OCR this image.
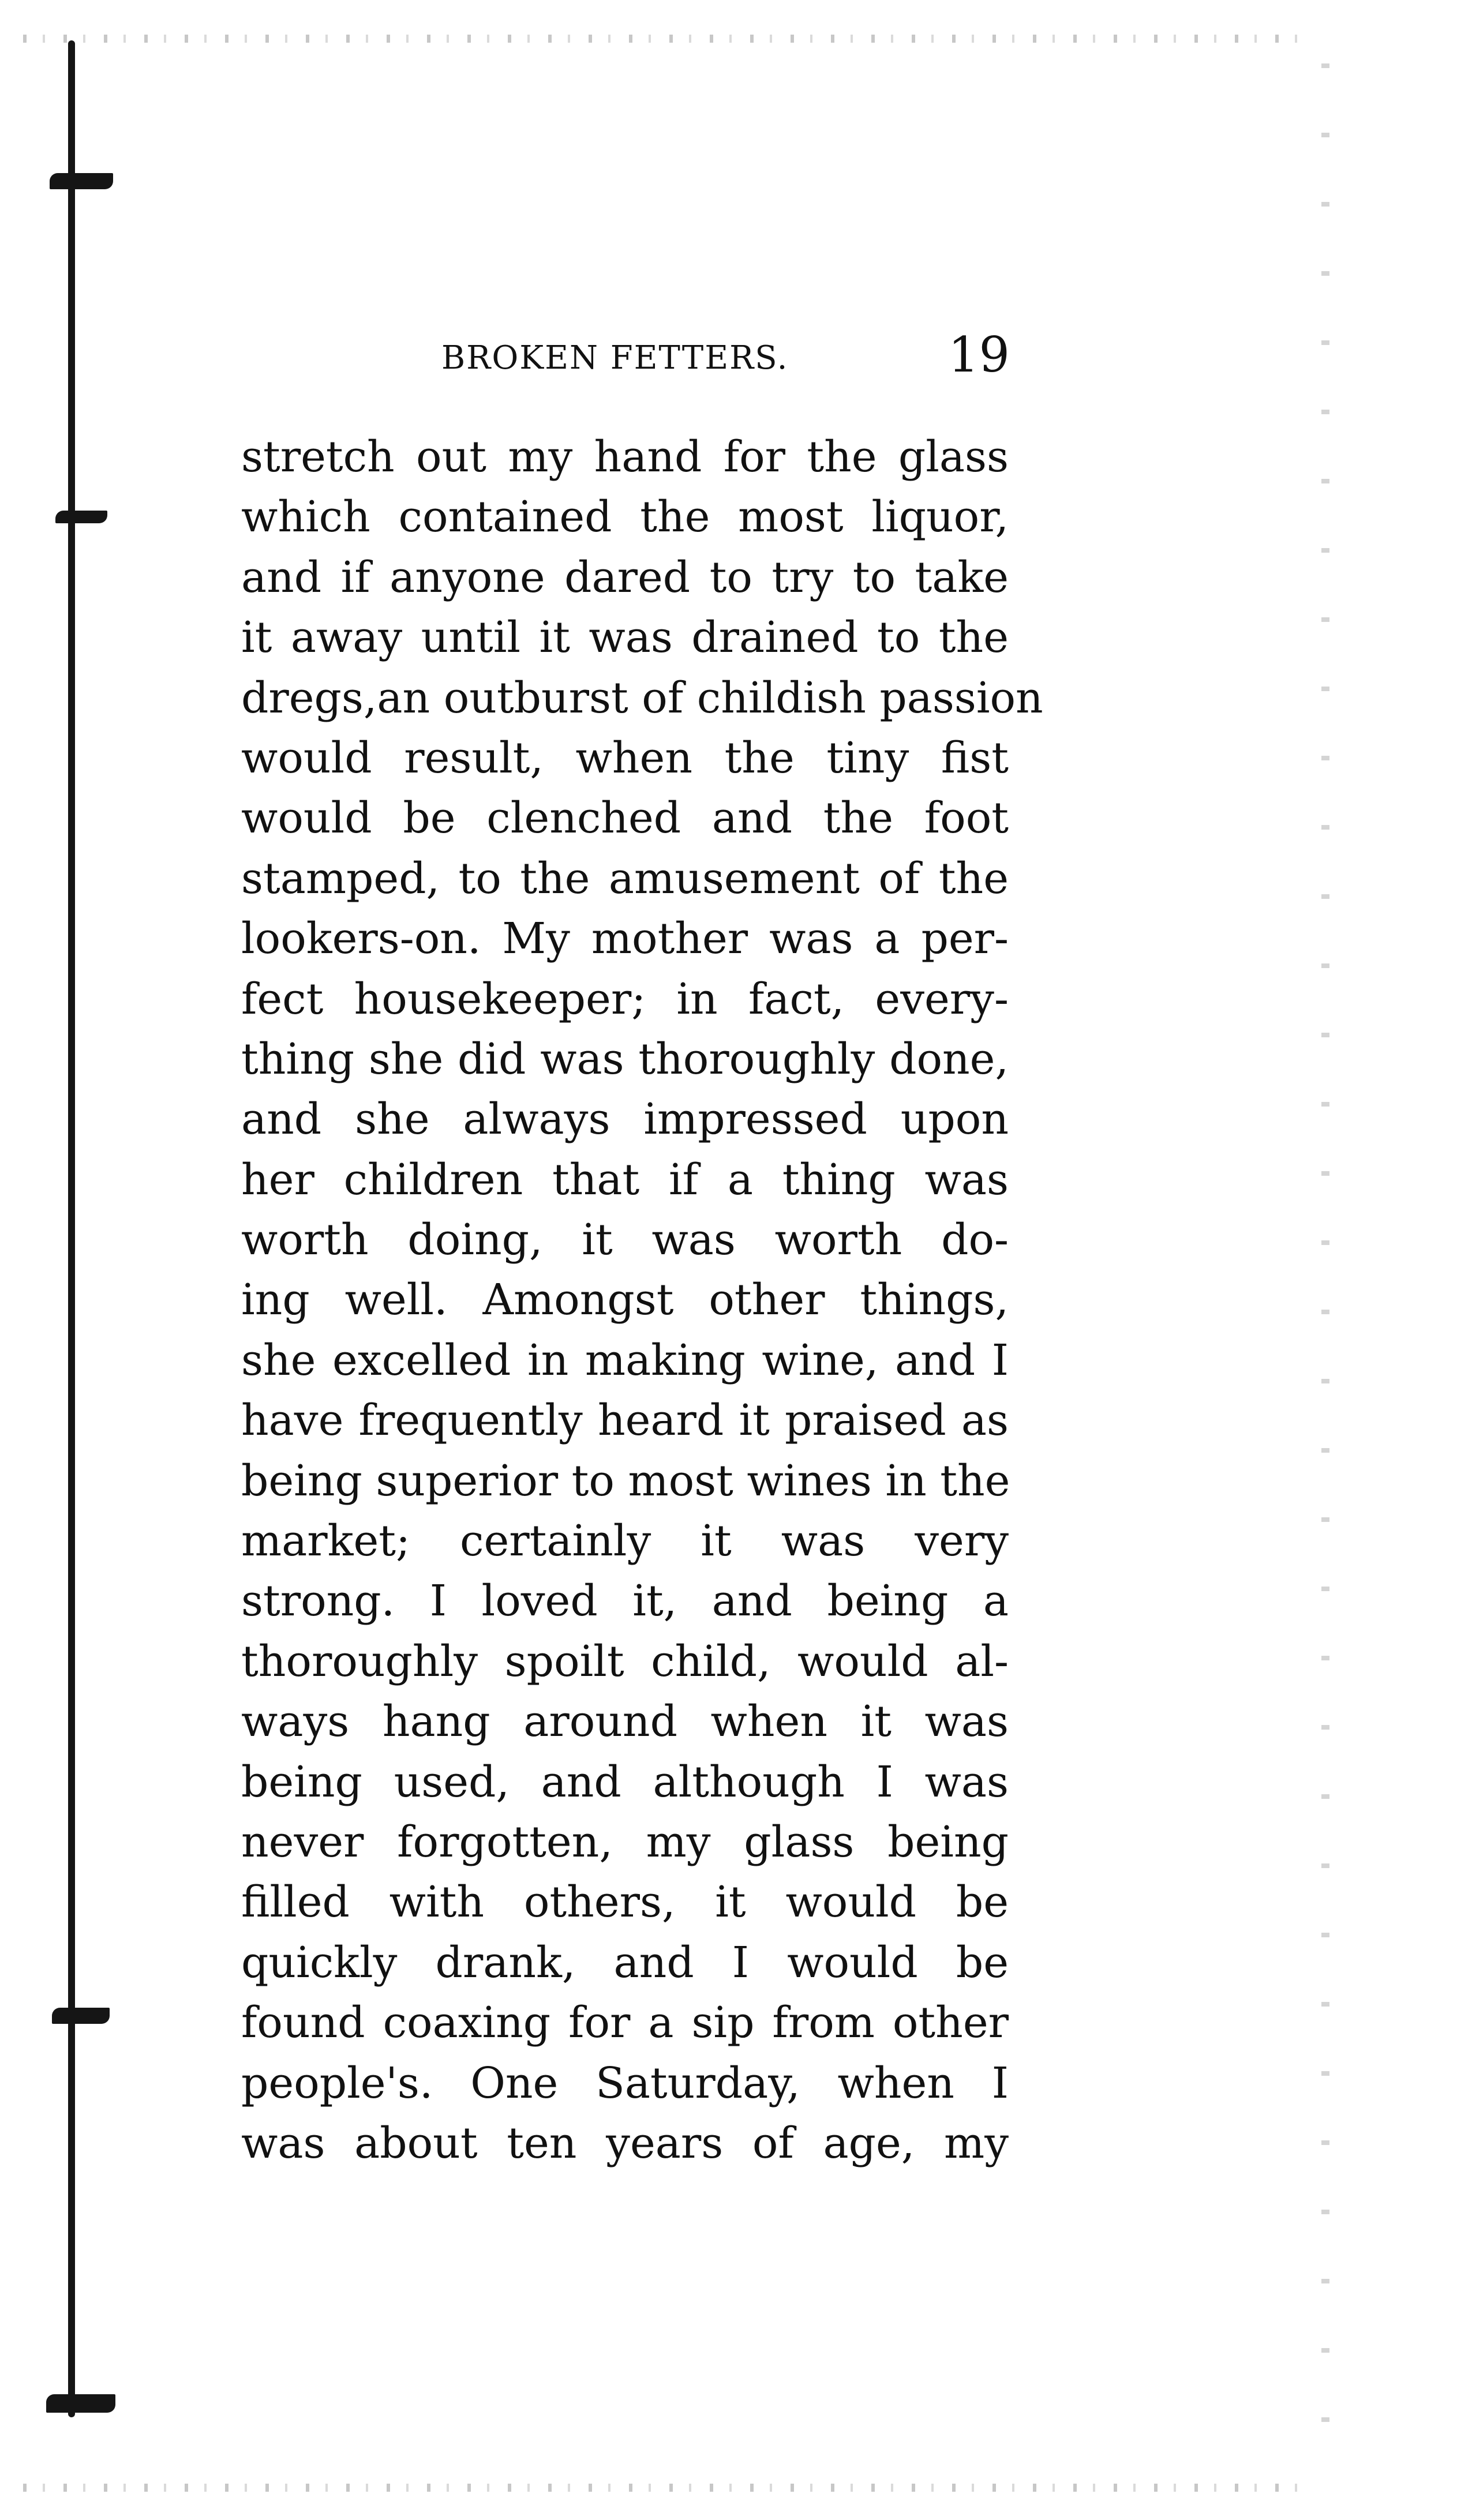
BROKEN FETTERS.	19
stretch out my hand for the glass
which contained the most liquor,
and if anyone dared to try to take
it away until it was drained to the
dregs,an outburst of childish passion
would result, when the tiny fist
would be clenched and the foot
stamped, to the amusement of the
lookers-on. My mother was a per-
fect housekeeper; in fact, every-
thing she did was thoroughly done,
and she always impressed upon
her children that if a thing was
worth doing, it was worth do-
ing well. Amongst other things,
she excelled in making wine, and I
have frequently heard it praised as
being superior to most wines in the
market; certainly it was very
strong. I loved it, and being a
thoroughly spoilt child, would al-
ways hang around when it was
being used, and although I was
never forgotten, my glass being
filled with others, it would be
quickly drank, and I would be
found coaxing for a sip from other
people's. One Saturday, when I
was about ten years of age, my
